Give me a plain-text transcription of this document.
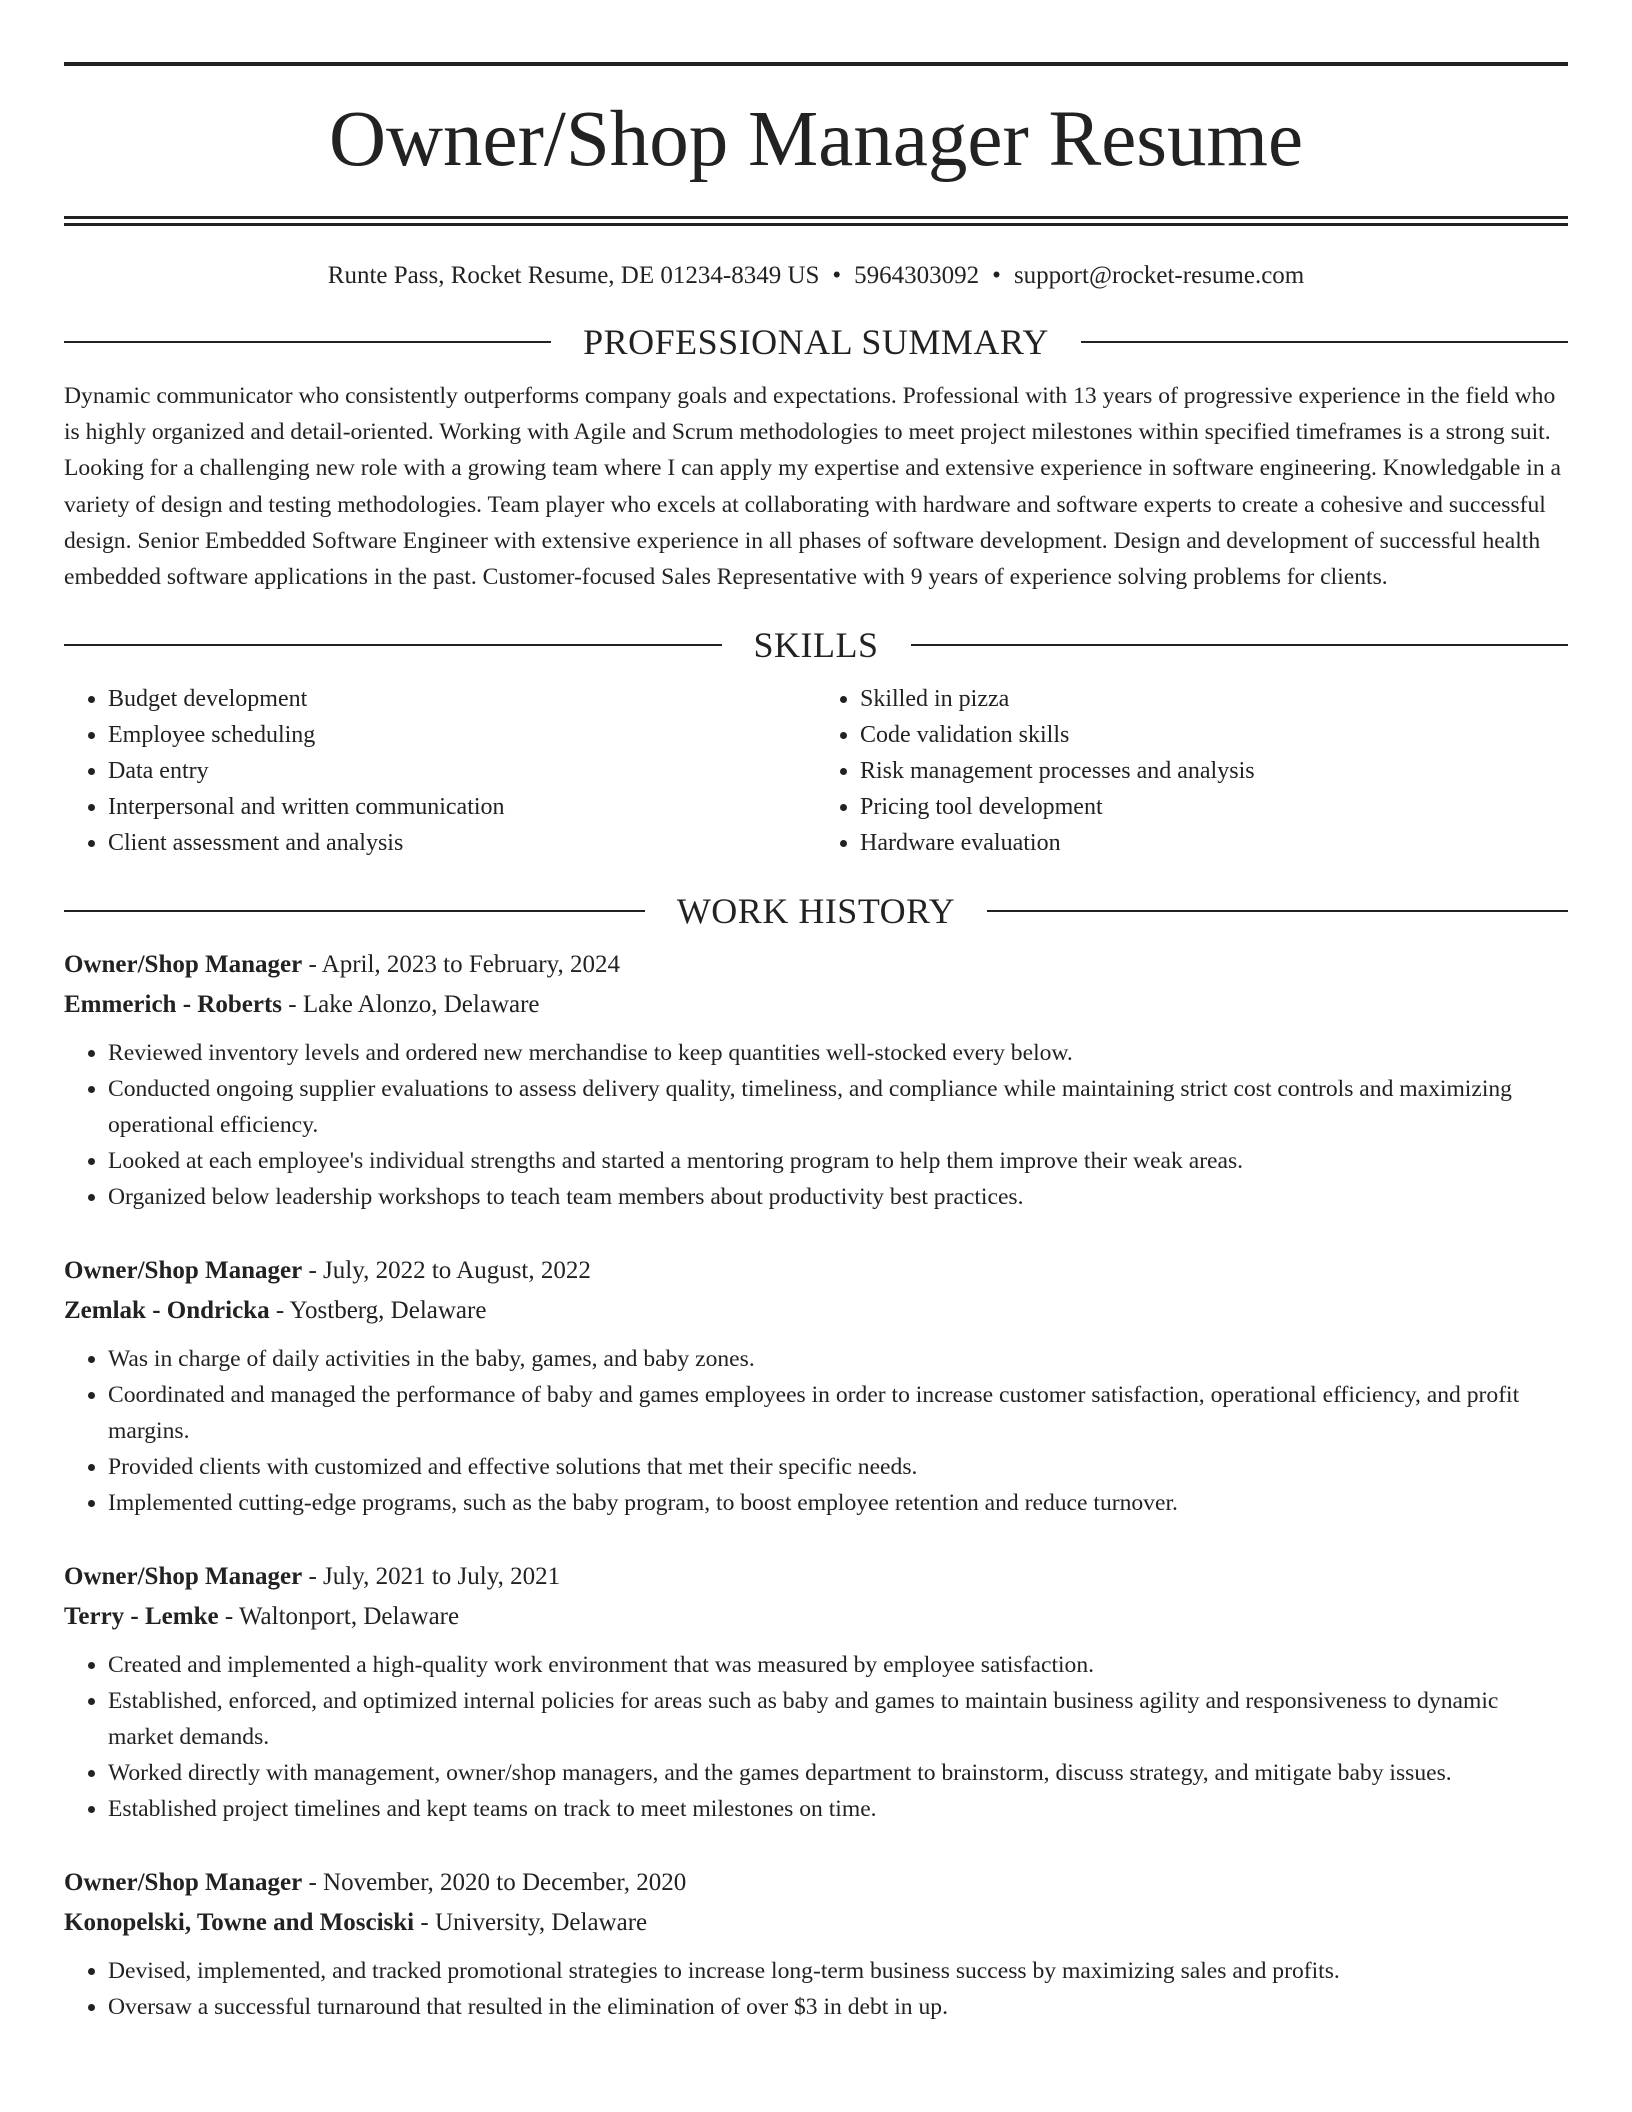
Owner/Shop Manager Resume
Runte Pass, Rocket Resume, DE 01234-8349 US • 5964303092 • support@rocket-resume.com
PROFESSIONAL SUMMARY

Dynamic communicator who consistently outperforms company goals and expectations. Professional with 13 years of progressive experience in the field who is highly organized and detail-oriented. Working with Agile and Scrum methodologies to meet project milestones within specified timeframes is a strong suit. Looking for a challenging new role with a growing team where I can apply my expertise and extensive experience in software engineering. Knowledgable in a variety of design and testing methodologies. Team player who excels at collaborating with hardware and software experts to create a cohesive and successful design. Senior Embedded Software Engineer with extensive experience in all phases of software development. Design and development of successful health embedded software applications in the past. Customer-focused Sales Representative with 9 years of experience solving problems for clients.

SKILLS
• Budget development
• Employee scheduling
• Data entry
• Interpersonal and written communication
• Client assessment and analysis
• Skilled in pizza
• Code validation skills
• Risk management processes and analysis
• Pricing tool development
• Hardware evaluation
WORK HISTORY
Owner/Shop Manager - April, 2023 to February, 2024
Emmerich - Roberts - Lake Alonzo, Delaware
• Reviewed inventory levels and ordered new merchandise to keep quantities well-stocked every below.
• Conducted ongoing supplier evaluations to assess delivery quality, timeliness, and compliance while maintaining strict cost controls and maximizing operational efficiency.
• Looked at each employee's individual strengths and started a mentoring program to help them improve their weak areas.
• Organized below leadership workshops to teach team members about productivity best practices.
Owner/Shop Manager - July, 2022 to August, 2022
Zemlak - Ondricka - Yostberg, Delaware
• Was in charge of daily activities in the baby, games, and baby zones.
• Coordinated and managed the performance of baby and games employees in order to increase customer satisfaction, operational efficiency, and profit margins.
• Provided clients with customized and effective solutions that met their specific needs.
• Implemented cutting-edge programs, such as the baby program, to boost employee retention and reduce turnover.
Owner/Shop Manager - July, 2021 to July, 2021
Terry - Lemke - Waltonport, Delaware
• Created and implemented a high-quality work environment that was measured by employee satisfaction.
• Established, enforced, and optimized internal policies for areas such as baby and games to maintain business agility and responsiveness to dynamic market demands.
• Worked directly with management, owner/shop managers, and the games department to brainstorm, discuss strategy, and mitigate baby issues.
• Established project timelines and kept teams on track to meet milestones on time.
Owner/Shop Manager - November, 2020 to December, 2020
Konopelski, Towne and Mosciski - University, Delaware
• Devised, implemented, and tracked promotional strategies to increase long-term business success by maximizing sales and profits.
• Oversaw a successful turnaround that resulted in the elimination of over $3 in debt in up.
